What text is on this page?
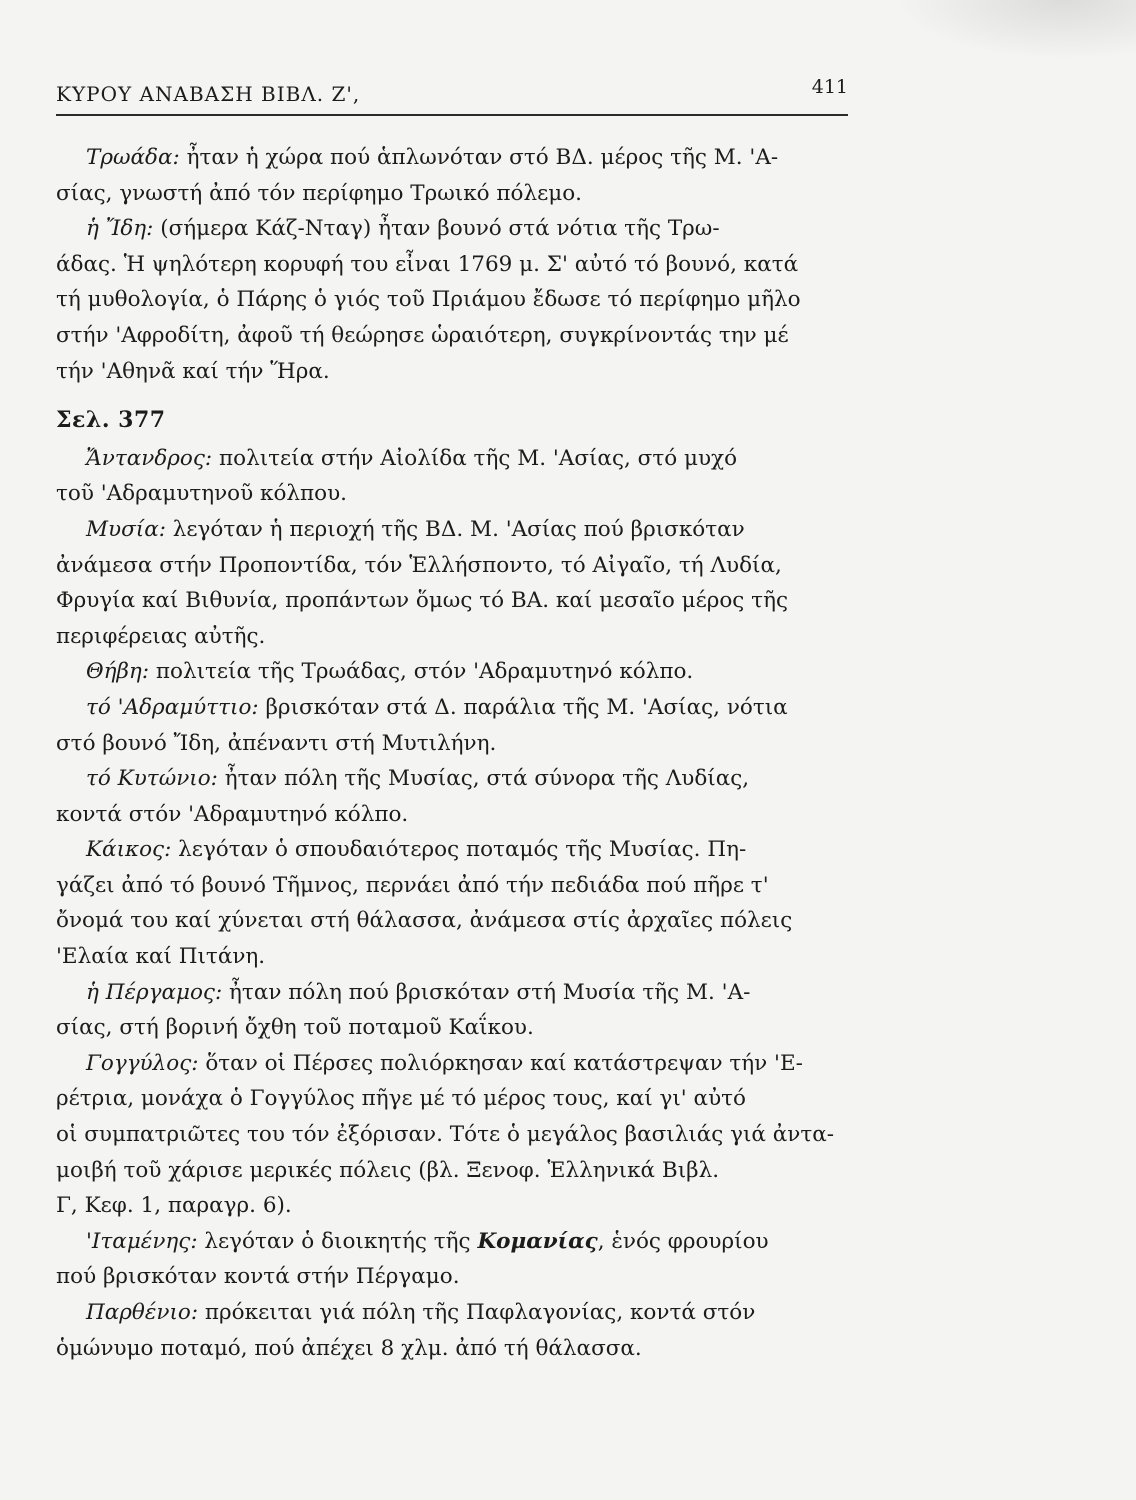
ΚΥΡΟΥ ΑΝΑΒΑΣΗ ΒΙΒΛ. Ζ',	411
Τρωάδα: ἦταν ἡ χώρα πού ἁπλωνόταν στό ΒΔ. μέρος τῆς Μ. 'Α-
σίας, γνωστή ἀπό τόν περίφημο Τρωικό πόλεμο.
ἡ Ἴδη: (σήμερα Κάζ-Νταγ) ἦταν βουνό στά νότια τῆς Τρω-
άδας. Ἡ ψηλότερη κορυφή του εἶναι 1769 μ. Σ' αὐτό τό βουνό, κατά
τή μυθολογία, ὁ Πάρης ὁ γιός τοῦ Πριάμου ἔδωσε τό περίφημο μῆλο
στήν 'Αφροδίτη, ἀφοῦ τή θεώρησε ὡραιότερη, συγκρίνοντάς την μέ
τήν 'Αθηνᾶ καί τήν Ἥρα.
Σελ. 377
Ἄντανδρος: πολιτεία στήν Αἰολίδα τῆς Μ. 'Ασίας, στό μυχό
τοῦ 'Αδραμυτηνοῦ κόλπου.
Μυσία: λεγόταν ἡ περιοχή τῆς ΒΔ. Μ. 'Ασίας πού βρισκόταν
ἀνάμεσα στήν Προποντίδα, τόν Ἑλλήσποντο, τό Αἰγαῖο, τή Λυδία,
Φρυγία καί Βιθυνία, προπάντων ὅμως τό ΒΑ. καί μεσαῖο μέρος τῆς
περιφέρειας αὐτῆς.
Θήβη: πολιτεία τῆς Τρωάδας, στόν 'Αδραμυτηνό κόλπο.
τό 'Αδραμύττιο: βρισκόταν στά Δ. παράλια τῆς Μ. 'Ασίας, νότια
στό βουνό Ἴδη, ἀπέναντι στή Μυτιλήνη.
τό Κυτώνιο: ἦταν πόλη τῆς Μυσίας, στά σύνορα τῆς Λυδίας,
κοντά στόν 'Αδραμυτηνό κόλπο.
Κάικος: λεγόταν ὁ σπουδαιότερος ποταμός τῆς Μυσίας. Πη-
γάζει ἀπό τό βουνό Τῆμνος, περνάει ἀπό τήν πεδιάδα πού πῆρε τ'
ὄνομά του καί χύνεται στή θάλασσα, ἀνάμεσα στίς ἀρχαῖες πόλεις
'Ελαία καί Πιτάνη.
ἡ Πέργαμος: ἦταν πόλη πού βρισκόταν στή Μυσία τῆς Μ. 'Α-
σίας, στή βορινή ὄχθη τοῦ ποταμοῦ Καΐκου.
Γογγύλος: ὅταν οἱ Πέρσες πολιόρκησαν καί κατάστρεψαν τήν 'Ε-
ρέτρια, μονάχα ὁ Γογγύλος πῆγε μέ τό μέρος τους, καί γι' αὐτό
οἱ συμπατριῶτες του τόν ἐξόρισαν. Τότε ὁ μεγάλος βασιλιάς γιά ἀντα-
μοιβή τοῦ χάρισε μερικές πόλεις (βλ. Ξενοφ. Ἑλληνικά Βιβλ.
Γ, Κεφ. 1, παραγρ. 6).
'Ιταμένης: λεγόταν ὁ διοικητής τῆς Κομανίας, ἑνός φρουρίου
πού βρισκόταν κοντά στήν Πέργαμο.
Παρθένιο: πρόκειται γιά πόλη τῆς Παφλαγονίας, κοντά στόν
ὁμώνυμο ποταμό, πού ἀπέχει 8 χλμ. ἀπό τή θάλασσα.
